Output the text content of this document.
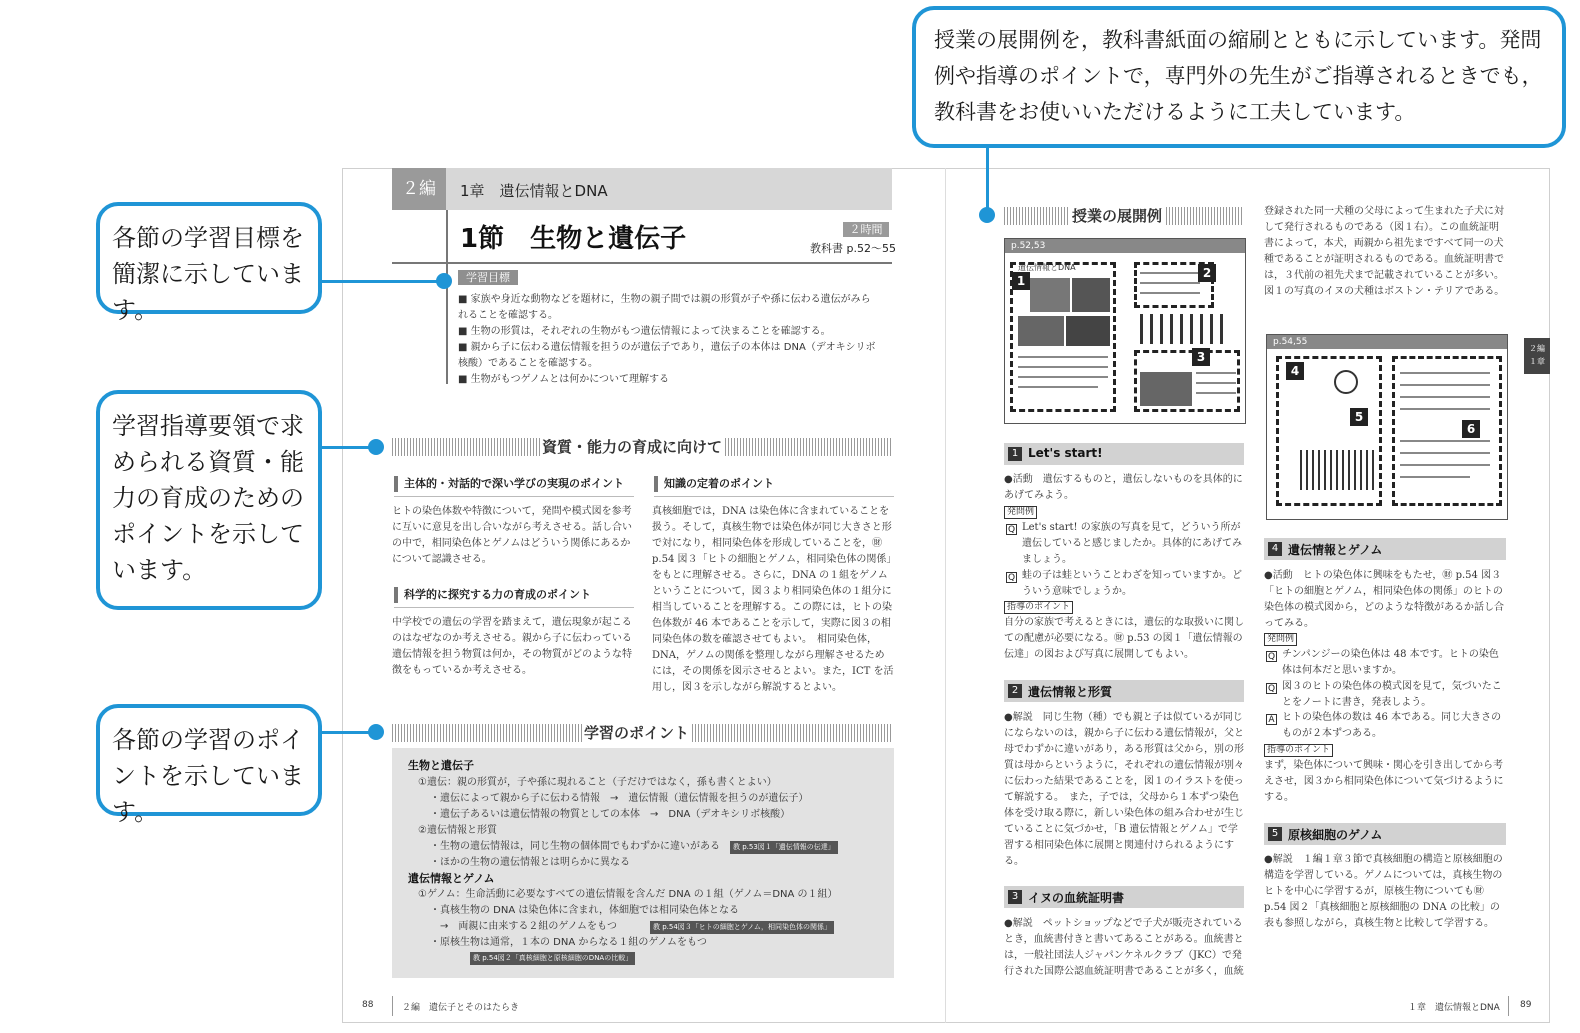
２編	1章　遺伝情報とDNA
1節　生物と遺伝子	２時間
教科書 p.52〜55
学習目標
■ 家族や身近な動物などを題材に，生物の親子間では親の形質が子や孫に伝わる遺伝がみられることを確認する。
■ 生物の形質は，それぞれの生物がもつ遺伝情報によって決まることを確認する。
■ 親から子に伝わる遺伝情報を担うのが遺伝子であり，遺伝子の本体は DNA（デオキシリボ核酸）であることを確認する。
■ 生物がもつゲノムとは何かについて理解する
資質・能力の育成に向けて
主体的・対話的で深い学びの実現のポイント
ヒトの染色体数や特徴について，発問や模式図を参考に互いに意見を出し合いながら考えさせる。話し合いの中で，相同染色体とゲノムはどういう関係にあるかについて認識させる。
科学的に探究する力の育成のポイント
中学校での遺伝の学習を踏まえて，遺伝現象が起こるのはなぜなのか考えさせる。親から子に伝わっている遺伝情報を担う物質は何か，その物質がどのような特徴をもっているか考えさせる。
知識の定着のポイント
真核細胞では，DNA は染色体に含まれていることを扱う。そして，真核生物では染色体が同じ大きさと形で対になり，相同染色体を形成していることを，㊖ p.54 図３「ヒトの細胞とゲノム，相同染色体の関係」をもとに理解させる。さらに，DNA の１組をゲノムということについて，図３より相同染色体の１組分に相当していることを理解する。この際には，ヒトの染色体数が 46 本であることを示して，実際に図３の相同染色体の数を確認させてもよい。　相同染色体，DNA，ゲノムの関係を整理しながら理解させるためには，その関係を図示させるとよい。また，ICT を活用し，図３を示しながら解説するとよい。
学習のポイント
生物と遺伝子
①遺伝：親の形質が，子や孫に現れること（子だけではなく，孫も書くとよい）
・遺伝によって親から子に伝わる情報　→　遺伝情報（遺伝情報を担うのが遺伝子）
・遺伝子あるいは遺伝情報の物質としての本体　→　DNA（デオキシリボ核酸）
②遺伝情報と形質
・生物の遺伝情報は，同じ生物の個体間でもわずかに違いがある	教 p.53図１「遺伝情報の伝達」
・ほかの生物の遺伝情報とは明らかに異なる
遺伝情報とゲノム
①ゲノム：生命活動に必要なすべての遺伝情報を含んだ DNA の１組（ゲノム＝DNA の１組）
・真核生物の DNA は染色体に含まれ，体細胞では相同染色体となる
→　両親に由来する２組のゲノムをもつ	教 p.54図３「ヒトの細胞とゲノム，相同染色体の関係」
・原核生物は通常，１本の DNA からなる１組のゲノムをもつ
教 p.54図２「真核細胞と原核細胞のDNAの比較」
88	２編　遺伝子とそのはたらき
授業の展開例
p.52,53
遺伝情報とDNA
1
2
3
登録された同一犬種の父母によって生まれた子犬に対して発行されるものである（図１右）。この血統証明書によって，本犬，両親から祖先まですべて同一の犬種であることが証明されるものである。血統証明書では，３代前の祖先犬まで記載されていることが多い。図１の写真のイヌの犬種はボストン・テリアである。
p.54,55
4
5
6
２編 １章
1 Let's start!
●活動　遺伝するものと，遺伝しないものを具体的にあげてみよう。
発問例
Q Let's start! の家族の写真を見て，どういう所が遺伝していると感じましたか。具体的にあげてみましょう。
Q 蛙の子は蛙ということわざを知っていますか。どういう意味でしょうか。
指導のポイント
自分の家族で考えるときには，遺伝的な取扱いに関しての配慮が必要になる。㊖ p.53 の図１「遺伝情報の伝達」の図および写真に展開してもよい。
2 遺伝情報と形質
●解説　同じ生物（種）でも親と子は似ているが同じにならないのは，親から子に伝わる遺伝情報が，父と母でわずかに違いがあり，ある形質は父から，別の形質は母からというように，それぞれの遺伝情報が別々に伝わった結果であることを，図１のイラストを使って解説する。　また，子では，父母から１本ずつ染色体を受け取る際に，新しい染色体の組み合わせが生じていることに気づかせ，「B 遺伝情報とゲノム」で学習する相同染色体に展開と関連付けられるようにする。
3 イヌの血統証明書
●解説　ペットショップなどで子犬が販売されているとき，血統書付きと書いてあることがある。血統書とは，一般社団法人ジャパンケネルクラブ（JKC）で発行された国際公認血統証明書であることが多く，血統
4 遺伝情報とゲノム
●活動　ヒトの染色体に興味をもたせ，㊖ p.54 図３「ヒトの細胞とゲノム，相同染色体の関係」のヒトの染色体の模式図から，どのような特徴があるか話し合ってみる。
発問例
Q チンパンジーの染色体は 48 本です。ヒトの染色体は何本だと思いますか。
Q 図３のヒトの染色体の模式図を見て，気づいたことをノートに書き，発表しよう。
A ヒトの染色体の数は 46 本である。同じ大きさのものが２本ずつある。
指導のポイント
まず，染色体について興味・関心を引き出してから考えさせ，図３から相同染色体について気づけるようにする。
5 原核細胞のゲノム
●解説　１編１章３節で真核細胞の構造と原核細胞の構造を学習している。ゲノムについては，真核生物のヒトを中心に学習するが，原核生物についても㊖ p.54 図２「真核細胞と原核細胞の DNA の比較」の表も参照しながら，真核生物と比較して学習する。
１章　遺伝情報とDNA 89
授業の展開例を，教科書紙面の縮刷とともに示しています。発問例や指導のポイントで，専門外の先生がご指導されるときでも，教科書をお使いいただけるように工夫しています。
各節の学習目標を簡潔に示しています。
学習指導要領で求められる資質・能力の育成のためのポイントを示しています。
各節の学習のポイントを示しています。
